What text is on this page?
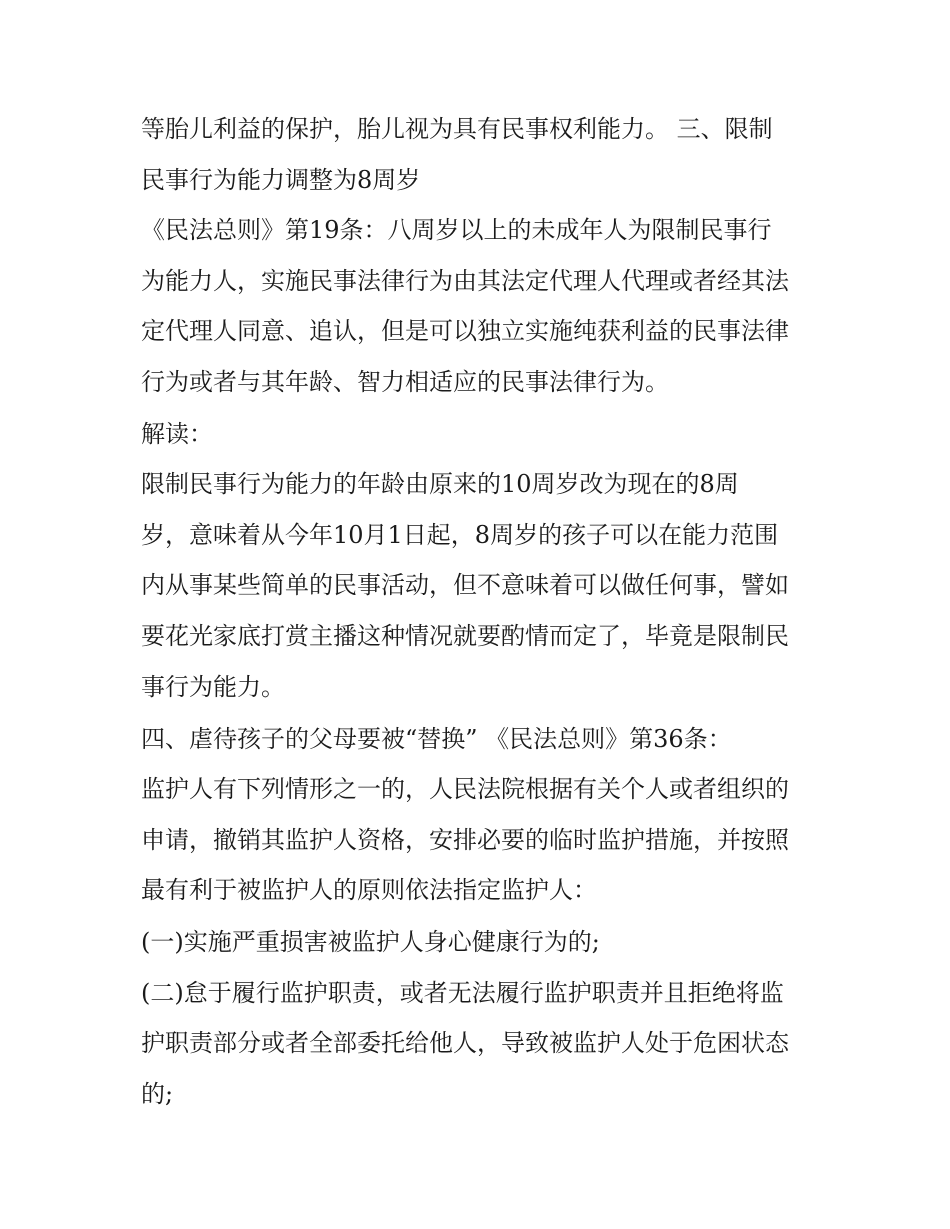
等胎儿利益的保护，胎儿视为具有民事权利能力。 三、限制
民事行为能力调整为8周岁
《民法总则》第19条：八周岁以上的未成年人为限制民事行
为能力人，实施民事法律行为由其法定代理人代理或者经其法
定代理人同意、追认，但是可以独立实施纯获利益的民事法律
行为或者与其年龄、智力相适应的民事法律行为。
解读：
限制民事行为能力的年龄由原来的10周岁改为现在的8周
岁，意味着从今年10月1日起，8周岁的孩子可以在能力范围
内从事某些简单的民事活动，但不意味着可以做任何事，譬如
要花光家底打赏主播这种情况就要酌情而定了，毕竟是限制民
事行为能力。
四、虐待孩子的父母要被“替换” 《民法总则》第36条：
监护人有下列情形之一的，人民法院根据有关个人或者组织的
申请，撤销其监护人资格，安排必要的临时监护措施，并按照
最有利于被监护人的原则依法指定监护人：
(一)实施严重损害被监护人身心健康行为的;
(二)怠于履行监护职责，或者无法履行监护职责并且拒绝将监
护职责部分或者全部委托给他人，导致被监护人处于危困状态
的;
